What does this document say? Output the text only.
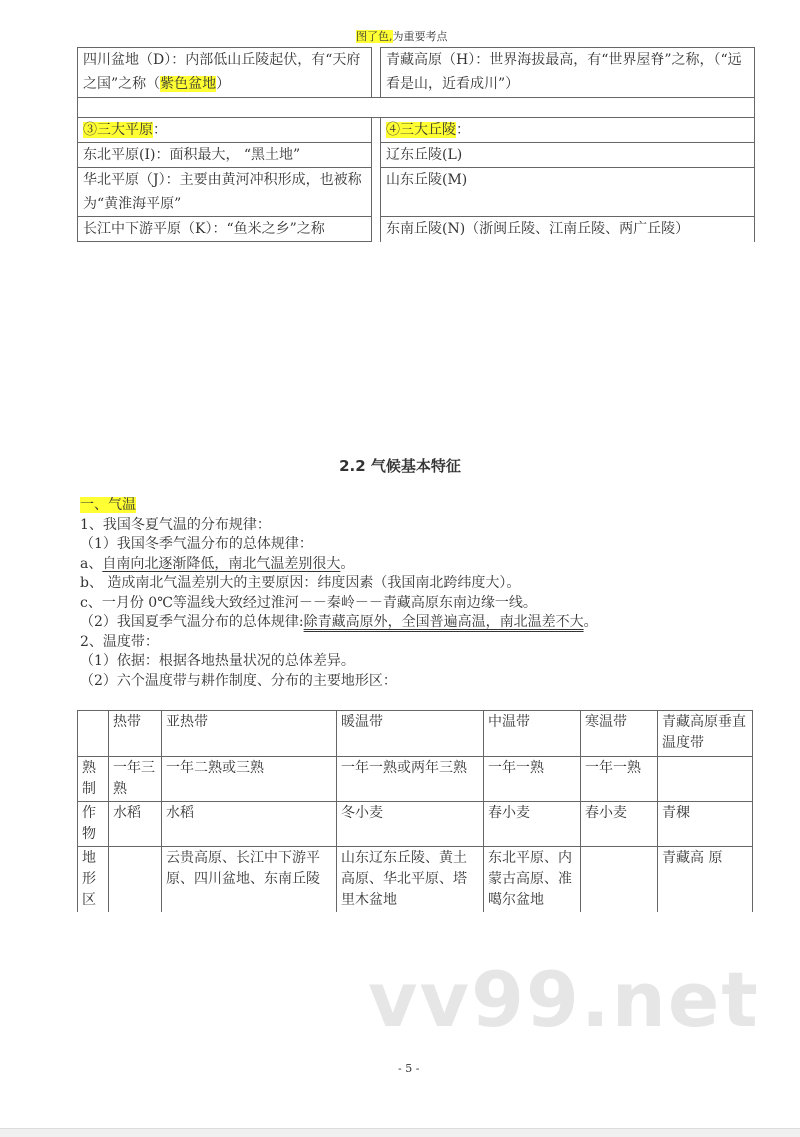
图了色,为重要考点
四川盆地（D）：内部低山丘陵起伏，有“天府之国”之称（紫色盆地）		青藏高原（H）：世界海拔最高，有“世界屋脊”之称，（“远看是山，近看成川”）

③三大平原：		④三大丘陵：
东北平原(I)：面积最大， “黑土地”		辽东丘陵(L)
华北平原（J）：主要由黄河冲积形成，也被称为“黄淮海平原”		山东丘陵(M)
长江中下游平原（K）：“鱼米之乡”之称		东南丘陵(N)（浙闽丘陵、江南丘陵、两广丘陵）
2.2 气候基本特征
一、气温
1、我国冬夏气温的分布规律：
（1）我国冬季气温分布的总体规律：
a、自南向北逐渐降低，南北气温差别很大。
b、 造成南北气温差别大的主要原因：纬度因素（我国南北跨纬度大）。
c、一月份 0℃等温线大致经过淮河－－秦岭－－青藏高原东南边缘一线。
（2）我国夏季气温分布的总体规律:除青藏高原外，全国普遍高温，南北温差不大。
2、温度带：
（1）依据：根据各地热量状况的总体差异。
（2）六个温度带与耕作制度、分布的主要地形区：
	热带	亚热带	暖温带	中温带	寒温带	青藏高原垂直温度带
熟制	一年三熟	一年二熟或三熟	一年一熟或两年三熟	一年一熟	一年一熟	
作物	水稻	水稻	冬小麦	春小麦	春小麦	青稞
地形区		云贵高原、长江中下游平原、四川盆地、东南丘陵	山东辽东丘陵、黄土高原、华北平原、塔里木盆地	东北平原、内蒙古高原、准噶尔盆地		青藏高 原
vv99.net
- 5 -
